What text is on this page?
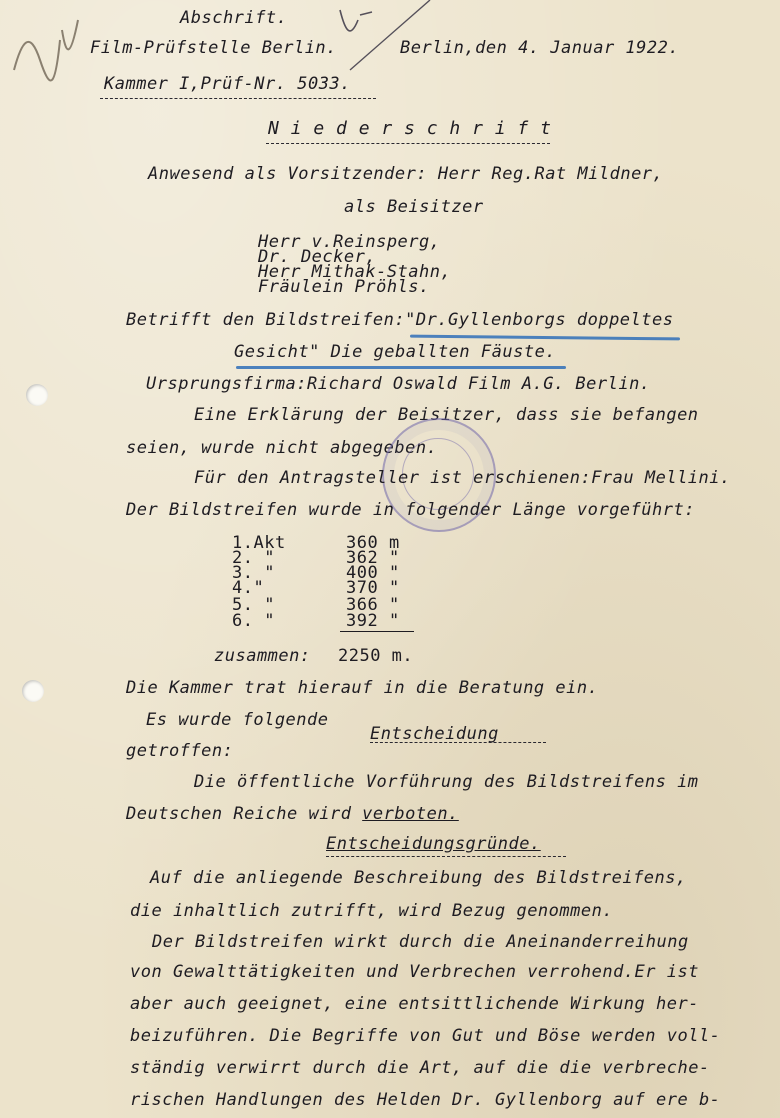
Abschrift.
Film-Prüfstelle Berlin.	Berlin,den 4. Januar 1922.
Kammer I,Prüf-Nr. 5033.
N i e d e r s c h r i f t
Anwesend als Vorsitzender: Herr Reg.Rat Mildner,
als Beisitzer
Herr v.Reinsperg,
Dr. Decker,
Herr Mithak-Stahn,
Fräulein Pröhls.
Betrifft den Bildstreifen:"Dr.Gyllenborgs doppeltes
Gesicht" Die geballten Fäuste.
Ursprungsfirma:Richard Oswald Film A.G. Berlin.
Eine Erklärung der Beisitzer, dass sie befangen
seien, wurde nicht abgegeben.
Für den Antragsteller ist erschienen:Frau Mellini.
Der Bildstreifen wurde in folgender Länge vorgeführt:
1.Akt	360 m
2. "	362 "
3. "	400 "
4."	370 "
5. "	366 "
6. "	392 "
zusammen: 2250 m.
Die Kammer trat hierauf in die Beratung ein.
Es wurde folgende
Entscheidung
getroffen:
Die öffentliche Vorführung des Bildstreifens im
Deutschen Reiche wird verboten.
Entscheidungsgründe.
Auf die anliegende Beschreibung des Bildstreifens,
die inhaltlich zutrifft, wird Bezug genommen.
Der Bildstreifen wirkt durch die Aneinanderreihung
von Gewalttätigkeiten und Verbrechen verrohend.Er ist
aber auch geeignet, eine entsittlichende Wirkung her-
beizuführen. Die Begriffe von Gut und Böse werden voll-
ständig verwirrt durch die Art, auf die die verbreche-
rischen Handlungen des Helden Dr. Gyllenborg auf ere b-
